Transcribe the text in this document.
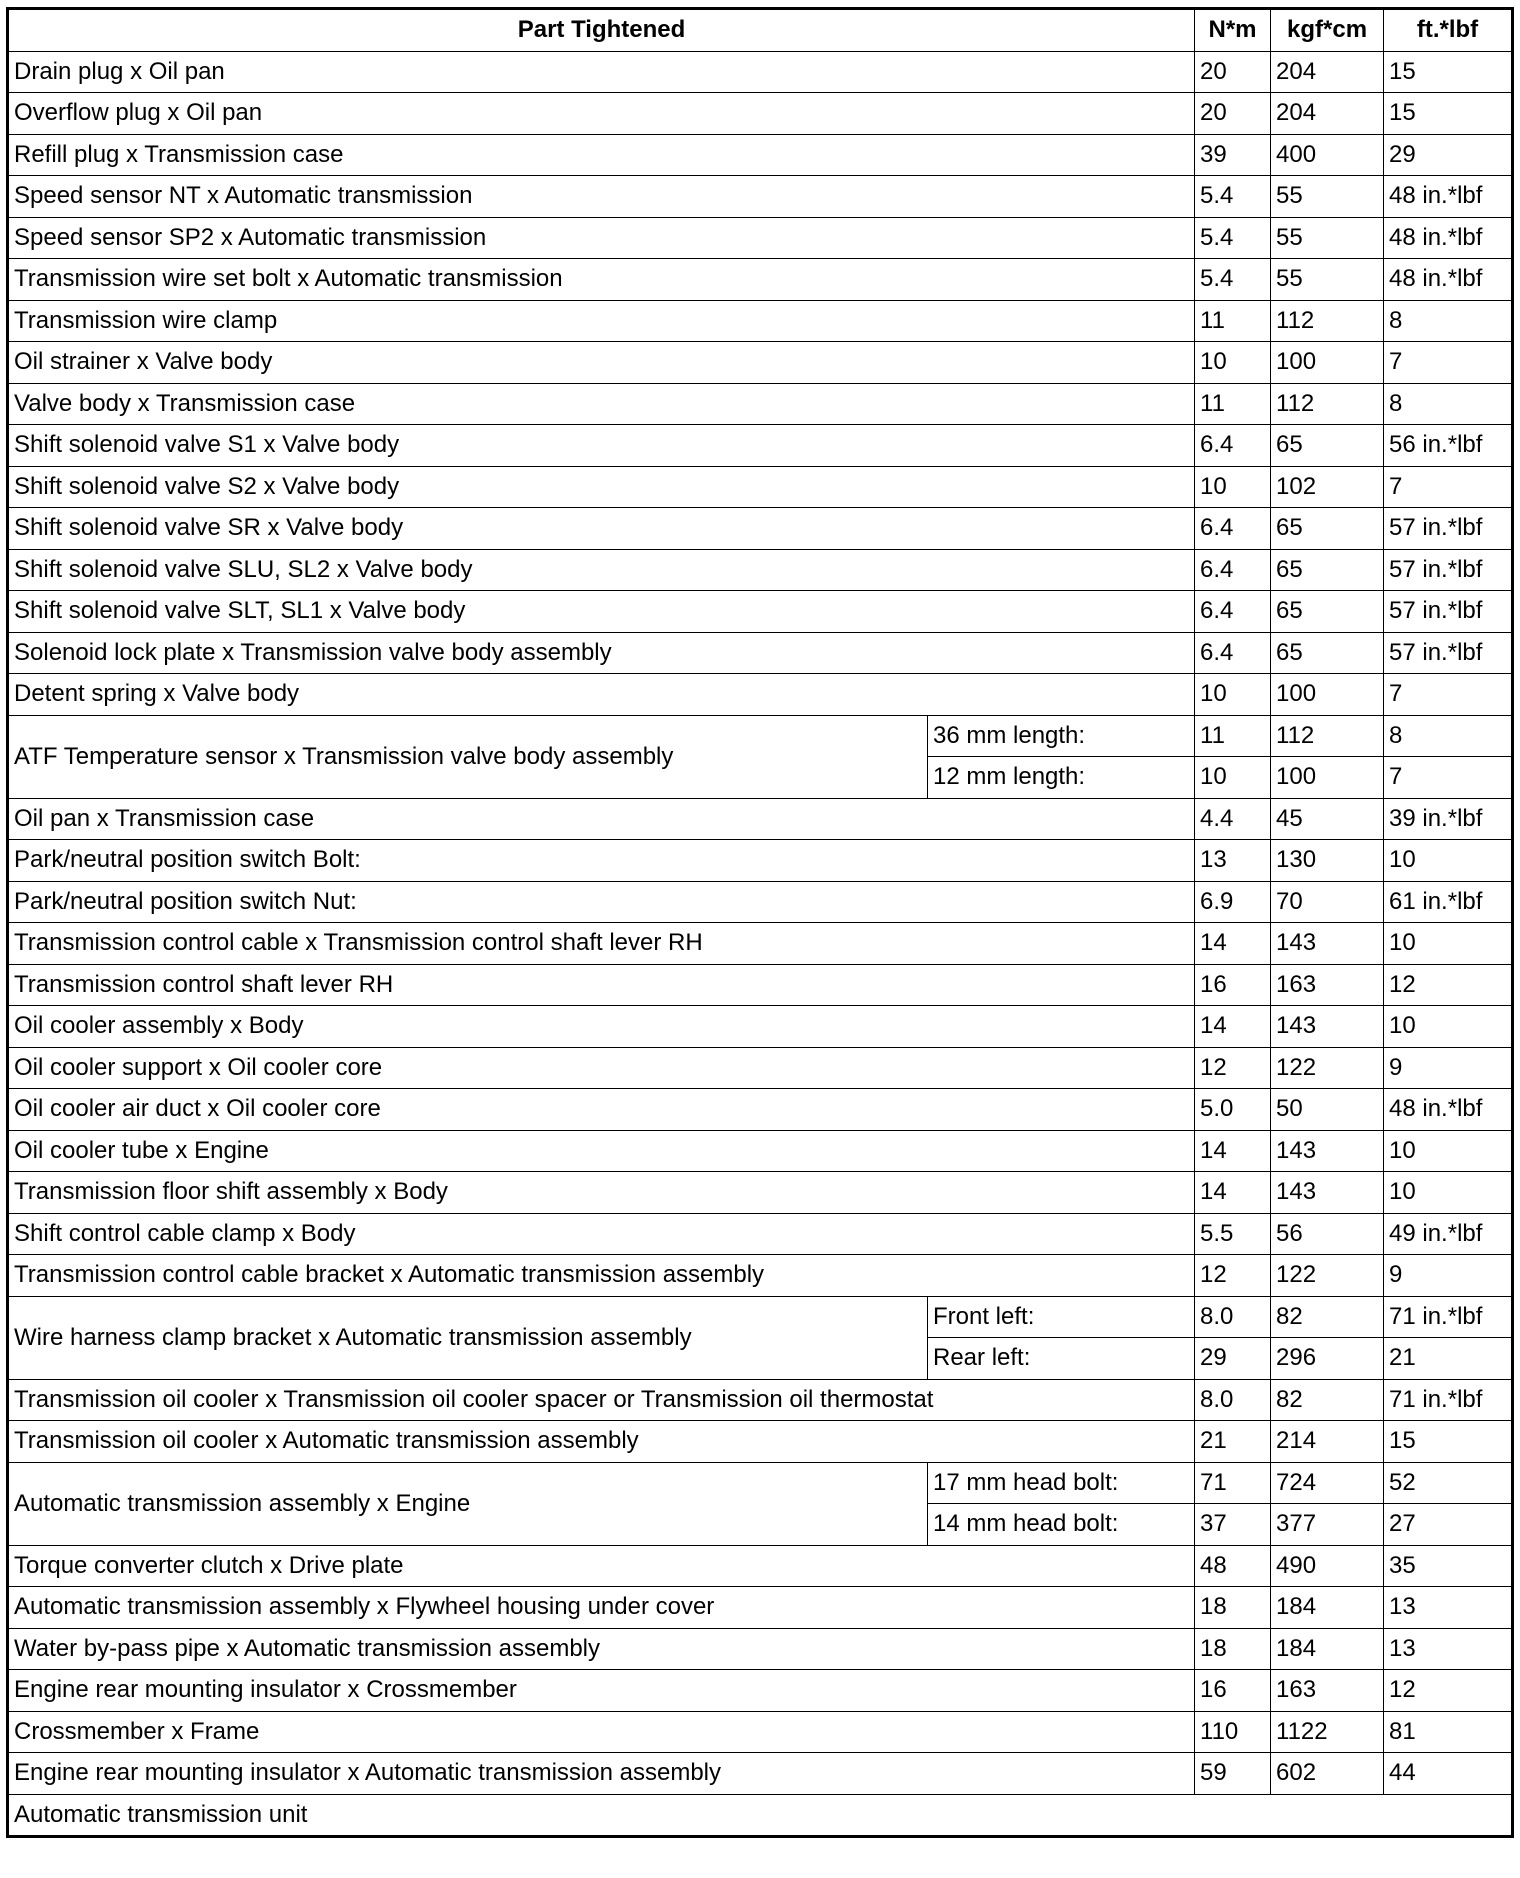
Part Tightened		N*m	kgf*cm	ft.*lbf
Drain plug x Oil pan		20	204	15
Overflow plug x Oil pan		20	204	15
Refill plug x Transmission case		39	400	29
Speed sensor NT x Automatic transmission		5.4	55	48 in.*lbf
Speed sensor SP2 x Automatic transmission		5.4	55	48 in.*lbf
Transmission wire set bolt x Automatic transmission		5.4	55	48 in.*lbf
Transmission wire clamp		11	112	8
Oil strainer x Valve body		10	100	7
Valve body x Transmission case		11	112	8
Shift solenoid valve S1 x Valve body		6.4	65	56 in.*lbf
Shift solenoid valve S2 x Valve body		10	102	7
Shift solenoid valve SR x Valve body		6.4	65	57 in.*lbf
Shift solenoid valve SLU, SL2 x Valve body		6.4	65	57 in.*lbf
Shift solenoid valve SLT, SL1 x Valve body		6.4	65	57 in.*lbf
Solenoid lock plate x Transmission valve body assembly		6.4	65	57 in.*lbf
Detent spring x Valve body		10	100	7
ATF Temperature sensor x Transmission valve body assembly	36 mm length:	11	112	8
	12 mm length:	10	100	7
Oil pan x Transmission case		4.4	45	39 in.*lbf
Park/neutral position switch Bolt:		13	130	10
Park/neutral position switch Nut:		6.9	70	61 in.*lbf
Transmission control cable x Transmission control shaft lever RH		14	143	10
Transmission control shaft lever RH		16	163	12
Oil cooler assembly x Body		14	143	10
Oil cooler support x Oil cooler core		12	122	9
Oil cooler air duct x Oil cooler core		5.0	50	48 in.*lbf
Oil cooler tube x Engine		14	143	10
Transmission floor shift assembly x Body		14	143	10
Shift control cable clamp x Body		5.5	56	49 in.*lbf
Transmission control cable bracket x Automatic transmission assembly		12	122	9
Wire harness clamp bracket x Automatic transmission assembly	Front left:	8.0	82	71 in.*lbf
	Rear left:	29	296	21
Transmission oil cooler x Transmission oil cooler spacer or Transmission oil thermostat		8.0	82	71 in.*lbf
Transmission oil cooler x Automatic transmission assembly		21	214	15
Automatic transmission assembly x Engine	17 mm head bolt:	71	724	52
	14 mm head bolt:	37	377	27
Torque converter clutch x Drive plate		48	490	35
Automatic transmission assembly x Flywheel housing under cover		18	184	13
Water by-pass pipe x Automatic transmission assembly		18	184	13
Engine rear mounting insulator x Crossmember		16	163	12
Crossmember x Frame		110	1122	81
Engine rear mounting insulator x Automatic transmission assembly		59	602	44
Automatic transmission unit				
